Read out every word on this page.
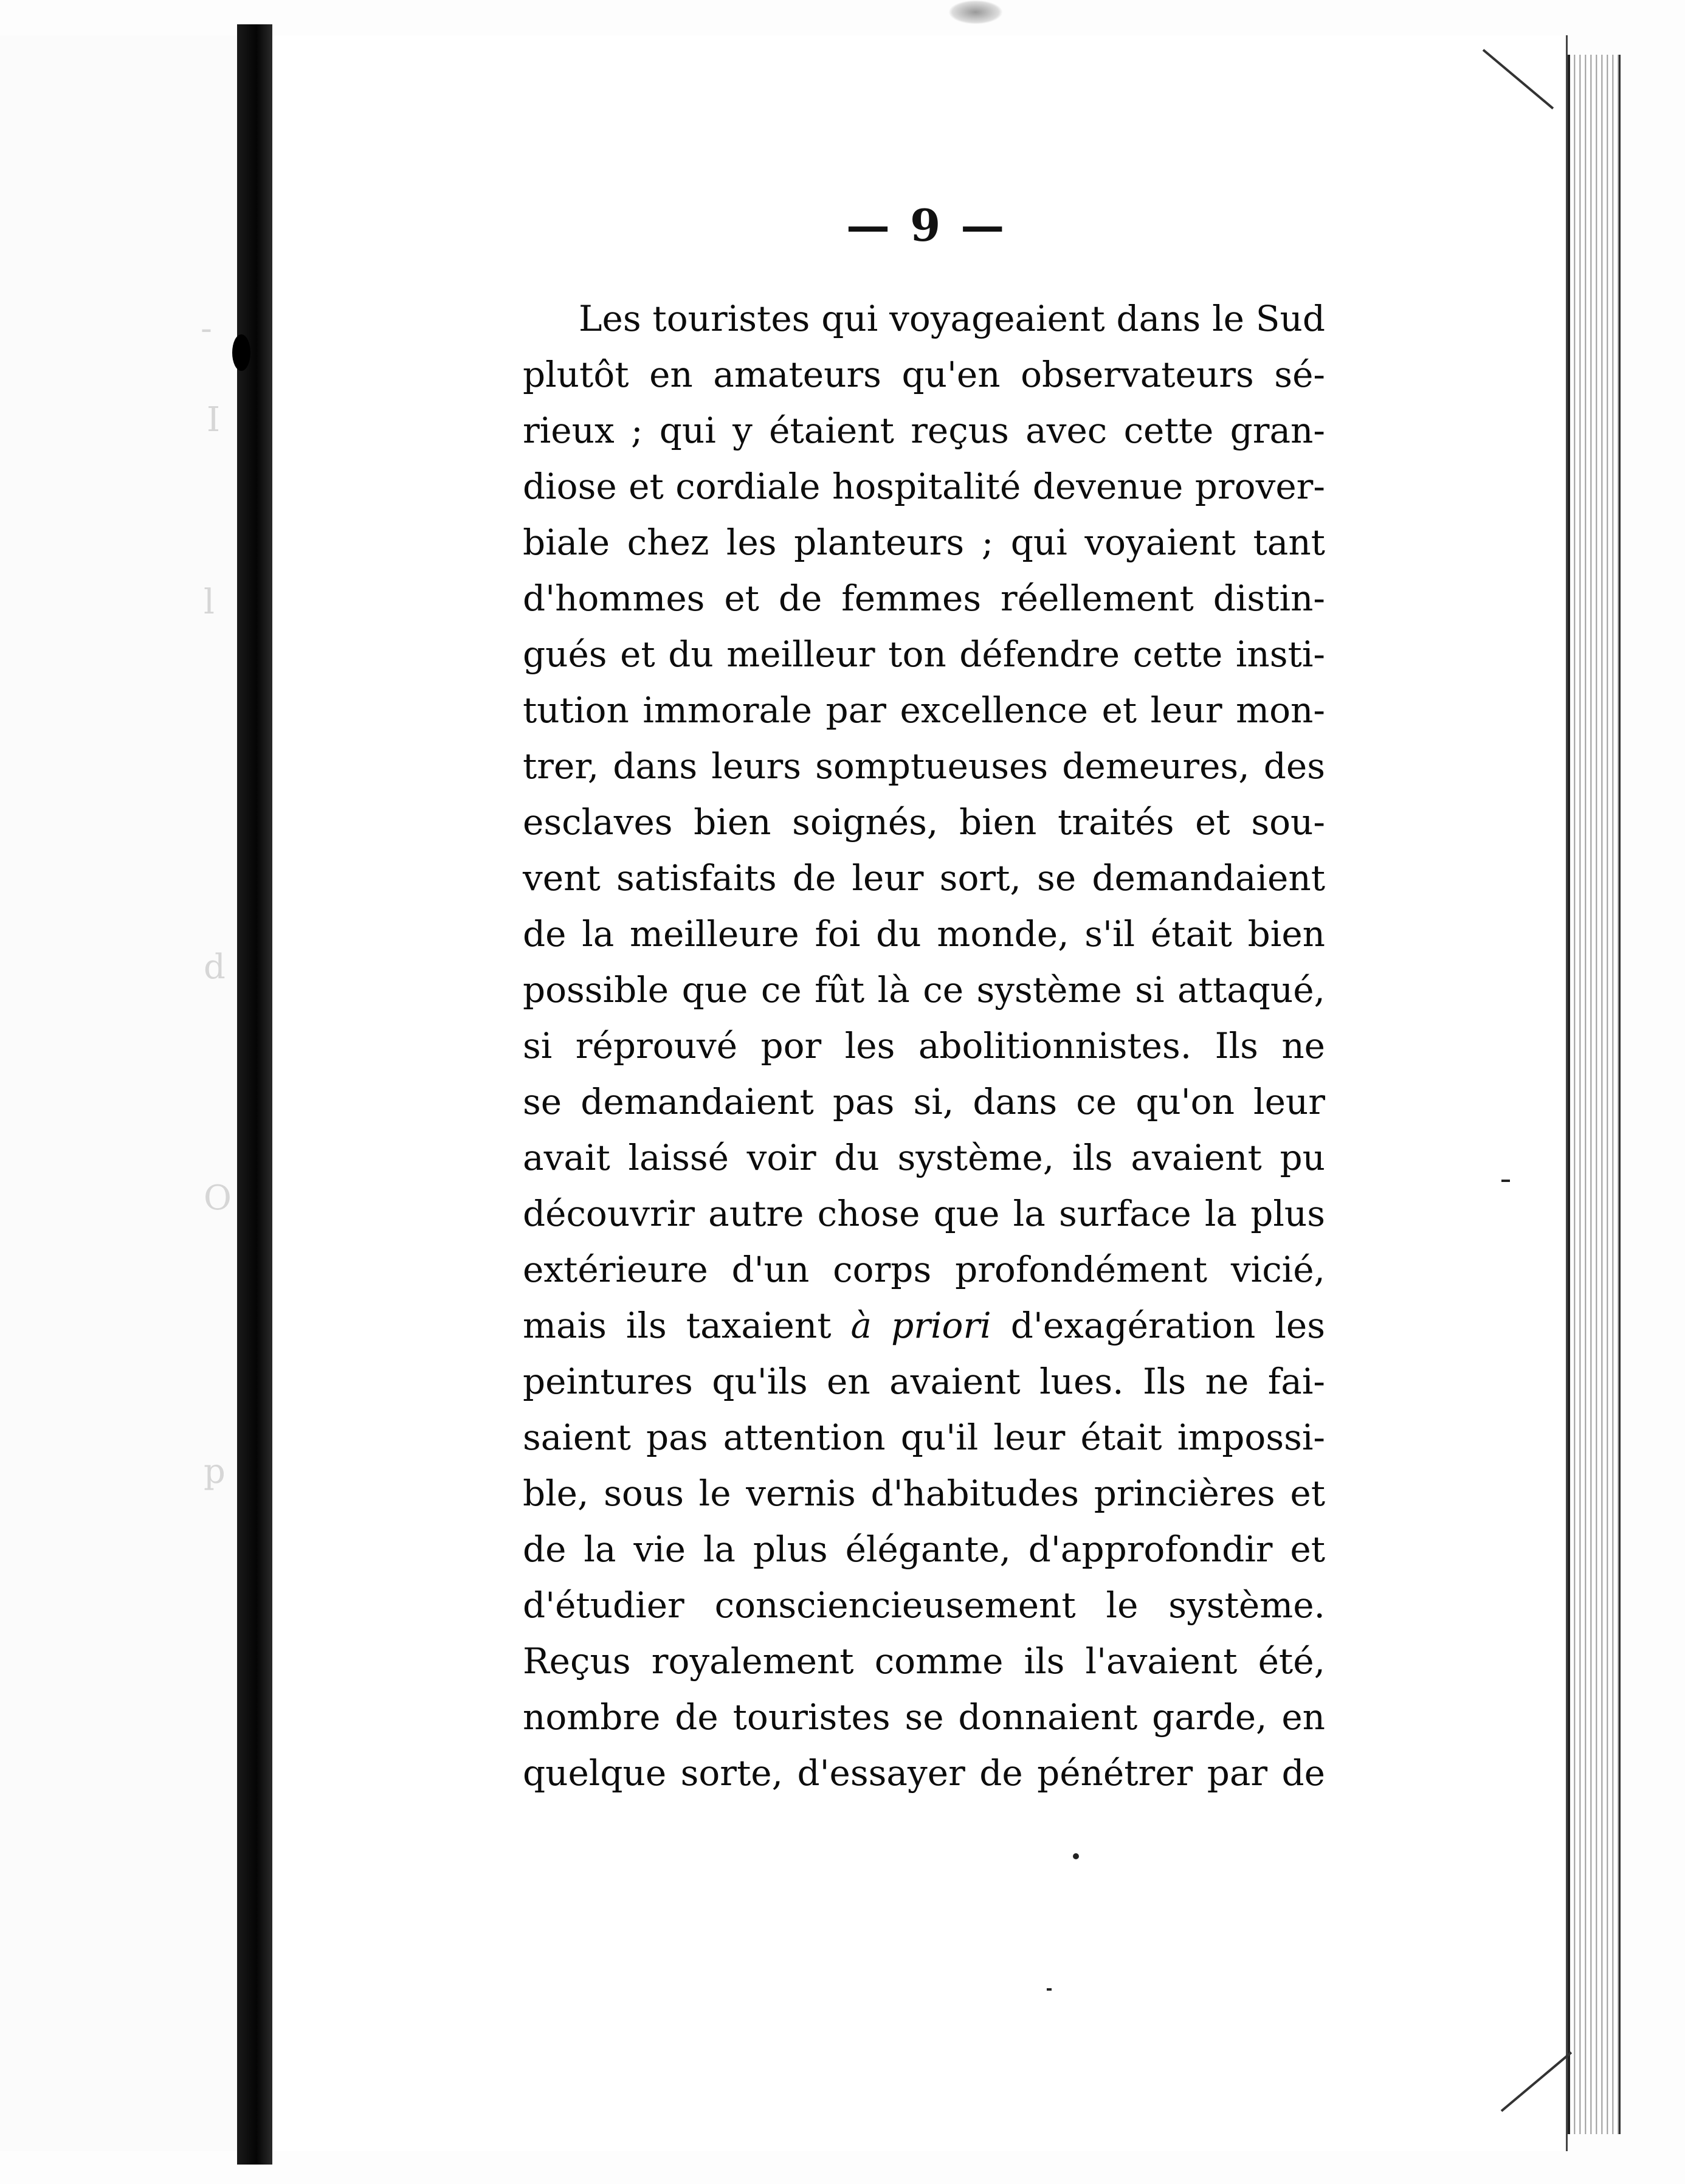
-
I
l
d
O
p
— 9 —
Les touristes qui voyageaient dans le Sud
plutôt en amateurs qu'en observateurs sé-
rieux ; qui y étaient reçus avec cette gran-
diose et cordiale hospitalité devenue prover-
biale chez les planteurs ; qui voyaient tant
d'hommes et de femmes réellement distin-
gués et du meilleur ton défendre cette insti-
tution immorale par excellence et leur mon-
trer, dans leurs somptueuses demeures, des
esclaves bien soignés, bien traités et sou-
vent satisfaits de leur sort, se demandaient
de la meilleure foi du monde, s'il était bien
possible que ce fût là ce système si attaqué,
si réprouvé por les abolitionnistes. Ils ne
se demandaient pas si, dans ce qu'on leur
avait laissé voir du système, ils avaient pu
découvrir autre chose que la surface la plus
extérieure d'un corps profondément vicié,
mais ils taxaient à priori d'exagération les
peintures qu'ils en avaient lues. Ils ne fai-
saient pas attention qu'il leur était impossi-
ble, sous le vernis d'habitudes princières et
de la vie la plus élégante, d'approfondir et
d'étudier consciencieusement le système.
Reçus royalement comme ils l'avaient été,
nombre de touristes se donnaient garde, en
quelque sorte, d'essayer de pénétrer par de
